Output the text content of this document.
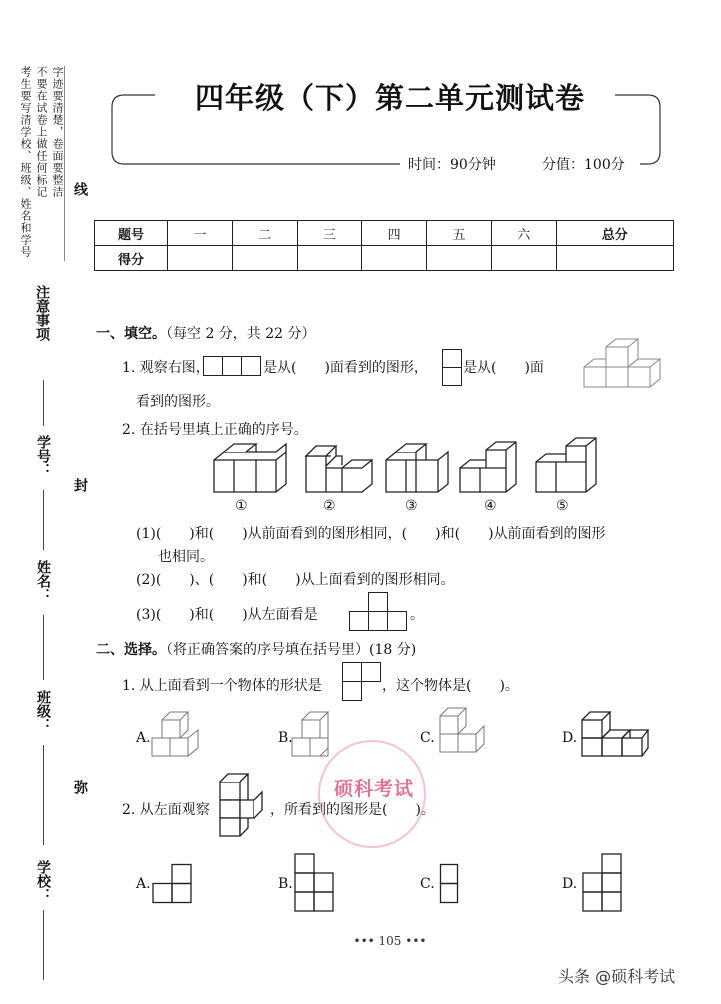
考生要写清学校、班级、姓名和学号 不要在试卷上做任何标记 字迹要清楚，卷面要整洁
注意事项
线
学号：
封
姓名：
班级：
弥
学校：
四年级（下）第二单元测试卷
时间：90分钟	分值：100分
题号	一	二	三	四	五	六	总分
得分							
一、填空。（每空 2 分，共 22 分）
1. 观察右图，	是从(　　)面看到的图形，	是从(　　)面
看到的图形。
2. 在括号里填上正确的序号。
①	②	③	④	⑤
(1)(　　)和(　　)从前面看到的图形相同，(　　)和(　　)从前面看到的图形
也相同。
(2)(　　)、(　　)和(　　)从上面看到的图形相同。
(3)(　　)和(　　)从左面看是	。
二、选择。（将正确答案的序号填在括号里）(18 分)
1. 从上面看到一个物体的形状是	，这个物体是(　　)。
A.	B.	C.	D.
2. 从左面观察	，所看到的图形是(　　)。
A.	B.	C.	D.
硕科考试
••• 105 •••
头条 @硕科考试
